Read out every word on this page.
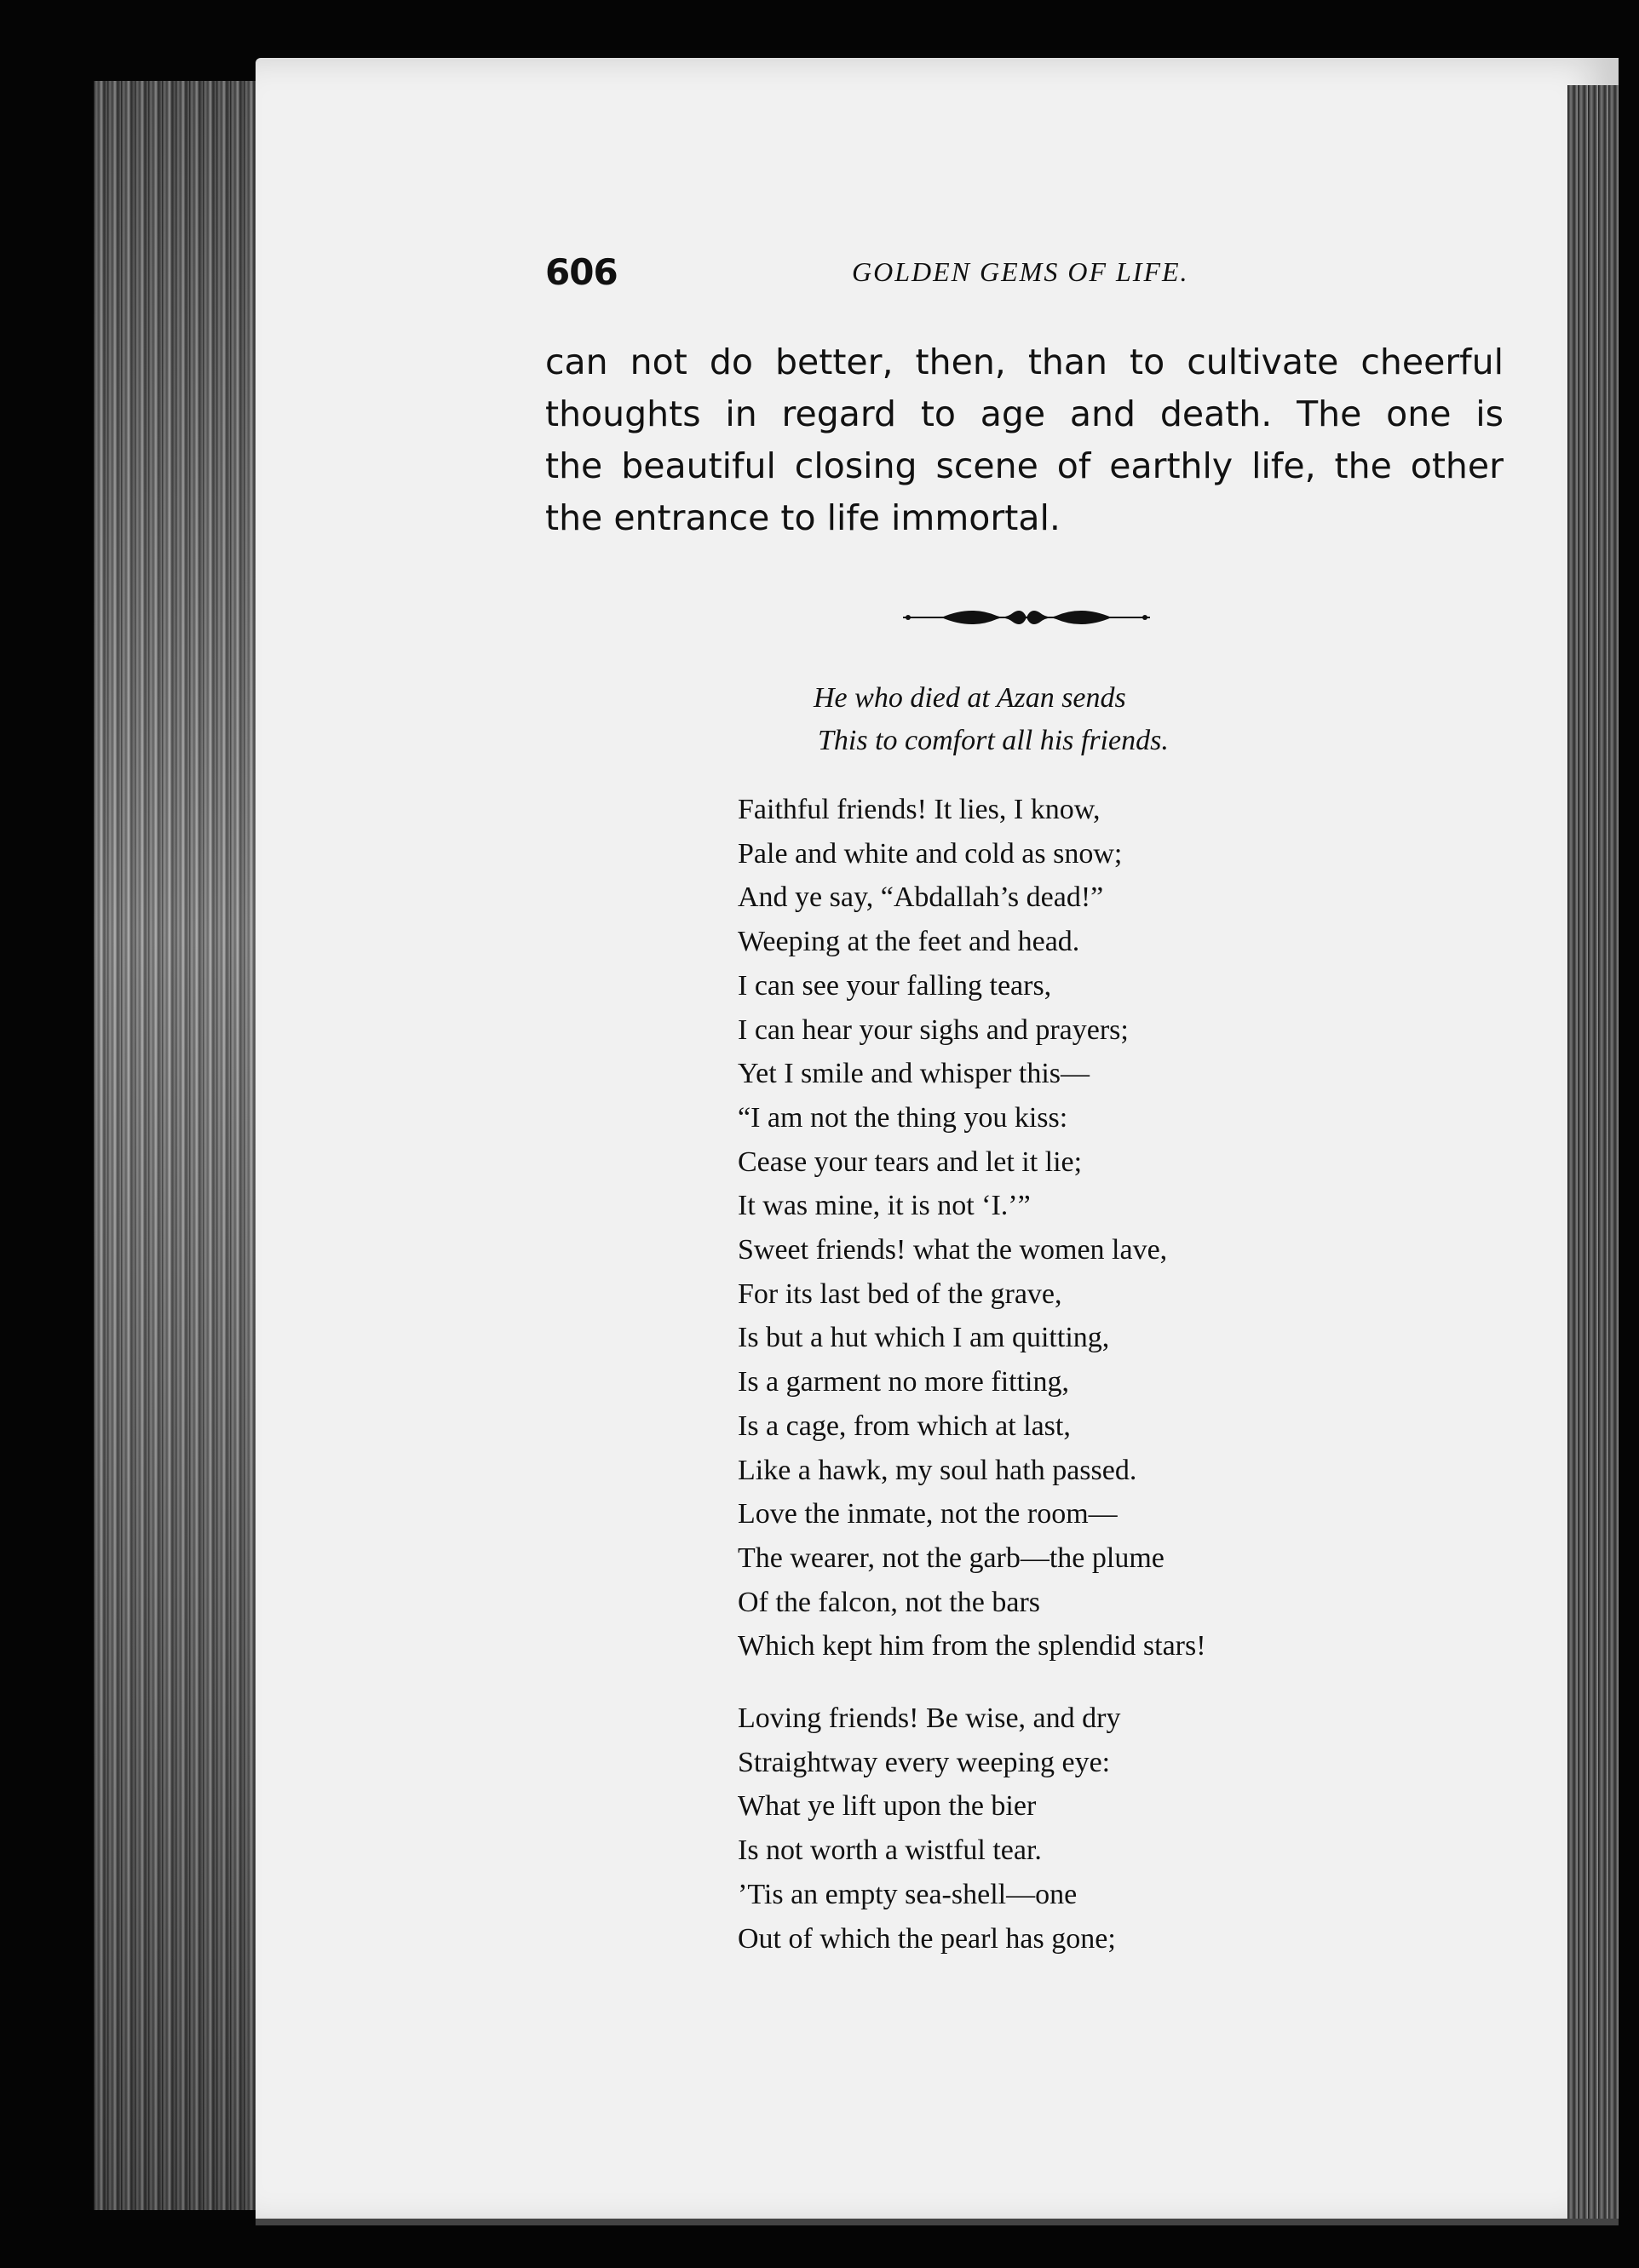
606	GOLDEN GEMS OF LIFE.
can not do better, then, than to cultivate cheerful
thoughts in regard to age and death. The one is
the beautiful closing scene of earthly life, the other
the entrance to life immortal.
He who died at Azan sends
This to comfort all his friends.
Faithful friends! It lies, I know,
Pale and white and cold as snow;
And ye say, “Abdallah’s dead!”
Weeping at the feet and head.
I can see your falling tears,
I can hear your sighs and prayers;
Yet I smile and whisper this—
“I am not the thing you kiss:
Cease your tears and let it lie;
It was mine, it is not ‘I.’”
Sweet friends! what the women lave,
For its last bed of the grave,
Is but a hut which I am quitting,
Is a garment no more fitting,
Is a cage, from which at last,
Like a hawk, my soul hath passed.
Love the inmate, not the room—
The wearer, not the garb—the plume
Of the falcon, not the bars
Which kept him from the splendid stars!
Loving friends! Be wise, and dry
Straightway every weeping eye:
What ye lift upon the bier
Is not worth a wistful tear.
’Tis an empty sea-shell—one
Out of which the pearl has gone;
